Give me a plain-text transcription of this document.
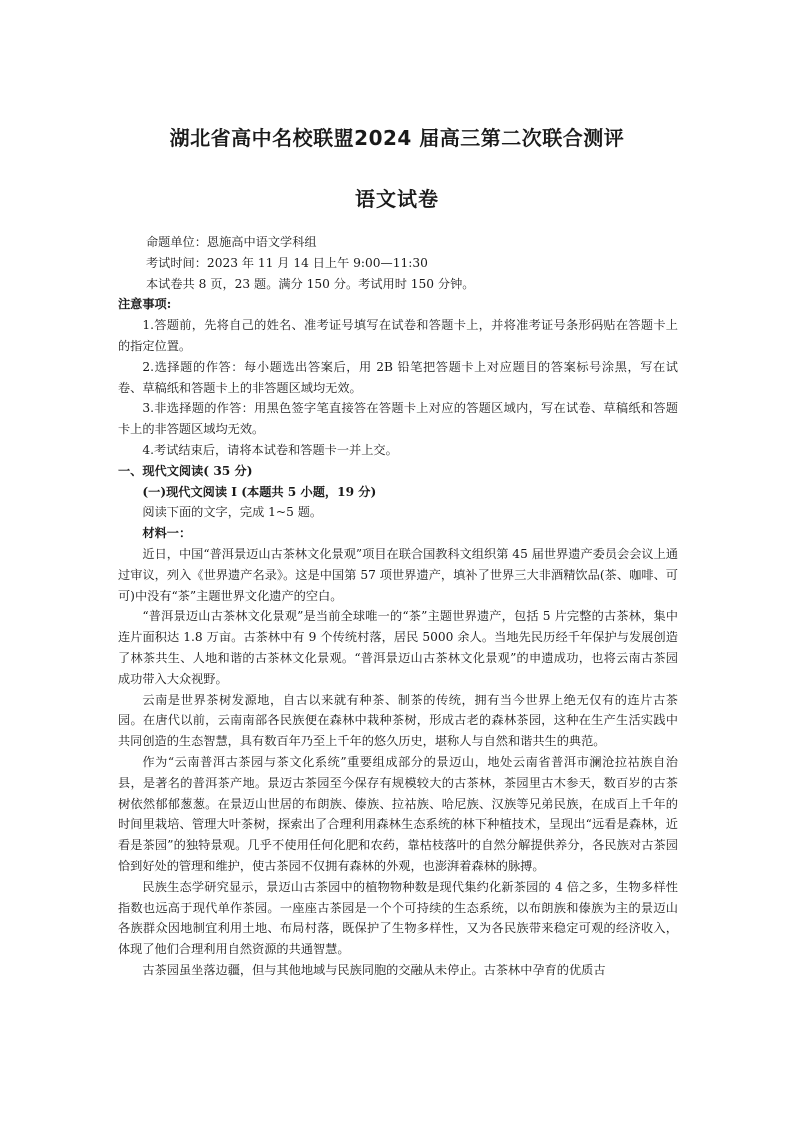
湖北省高中名校联盟2024 届高三第二次联合测评
语文试卷

命题单位：恩施高中语文学科组

考试时间：2023 年 11 月 14 日上午 9:00—11:30

本试卷共 8 页，23 题。满分 150 分。考试用时 150 分钟。

注意事项:

1.答题前，先将自己的姓名、准考证号填写在试卷和答题卡上，并将准考证号条形码贴在答题卡上的指定位置。

2.选择题的作答：每小题选出答案后，用 2B 铅笔把答题卡上对应题目的答案标号涂黑，写在试卷、草稿纸和答题卡上的非答题区域均无效。

3.非选择题的作答：用黑色签字笔直接答在答题卡上对应的答题区域内，写在试卷、草稿纸和答题卡上的非答题区域均无效。

4.考试结束后，请将本试卷和答题卡一并上交。

一、现代文阅读( 35 分)

(一)现代文阅读 I (本题共 5 小题，19 分)

阅读下面的文字，完成 1~5 题。

材料一：

近日，中国“普洱景迈山古茶林文化景观”项目在联合国教科文组织第 45 届世界遗产委员会会议上通过审议，列入《世界遗产名录》。这是中国第 57 项世界遗产，填补了世界三大非酒精饮品(茶、咖啡、可可)中没有“茶”主题世界文化遗产的空白。

“普洱景迈山古茶林文化景观”是当前全球唯一的“茶”主题世界遗产，包括 5 片完整的古茶林，集中连片面积达 1.8 万亩。古茶林中有 9 个传统村落，居民 5000 余人。当地先民历经千年保护与发展创造了林茶共生、人地和谐的古茶林文化景观。“普洱景迈山古茶林文化景观”的申遗成功，也将云南古茶园成功带入大众视野。

云南是世界茶树发源地，自古以来就有种茶、制茶的传统，拥有当今世界上绝无仅有的连片古茶园。在唐代以前，云南南部各民族便在森林中栽种茶树，形成古老的森林茶园，这种在生产生活实践中共同创造的生态智慧，具有数百年乃至上千年的悠久历史，堪称人与自然和谐共生的典范。

作为“云南普洱古茶园与茶文化系统”重要组成部分的景迈山，地处云南省普洱市澜沧拉祜族自治县，是著名的普洱茶产地。景迈古茶园至今保存有规模较大的古茶林，茶园里古木参天，数百岁的古茶树依然郁郁葱葱。在景迈山世居的布朗族、傣族、拉祜族、哈尼族、汉族等兄弟民族，在成百上千年的时间里栽培、管理大叶茶树，探索出了合理利用森林生态系统的林下种植技术，呈现出“远看是森林，近看是茶园”的独特景观。几乎不使用任何化肥和农药，靠枯枝落叶的自然分解提供养分，各民族对古茶园恰到好处的管理和维护，使古茶园不仅拥有森林的外观，也澎湃着森林的脉搏。

民族生态学研究显示，景迈山古茶园中的植物物种数是现代集约化新茶园的 4 倍之多，生物多样性指数也远高于现代单作茶园。一座座古茶园是一个个可持续的生态系统，以布朗族和傣族为主的景迈山各族群众因地制宜利用土地、布局村落，既保护了生物多样性，又为各民族带来稳定可观的经济收入，体现了他们合理利用自然资源的共通智慧。

古茶园虽坐落边疆，但与其他地域与民族同胞的交融从未停止。古茶林中孕育的优质古
